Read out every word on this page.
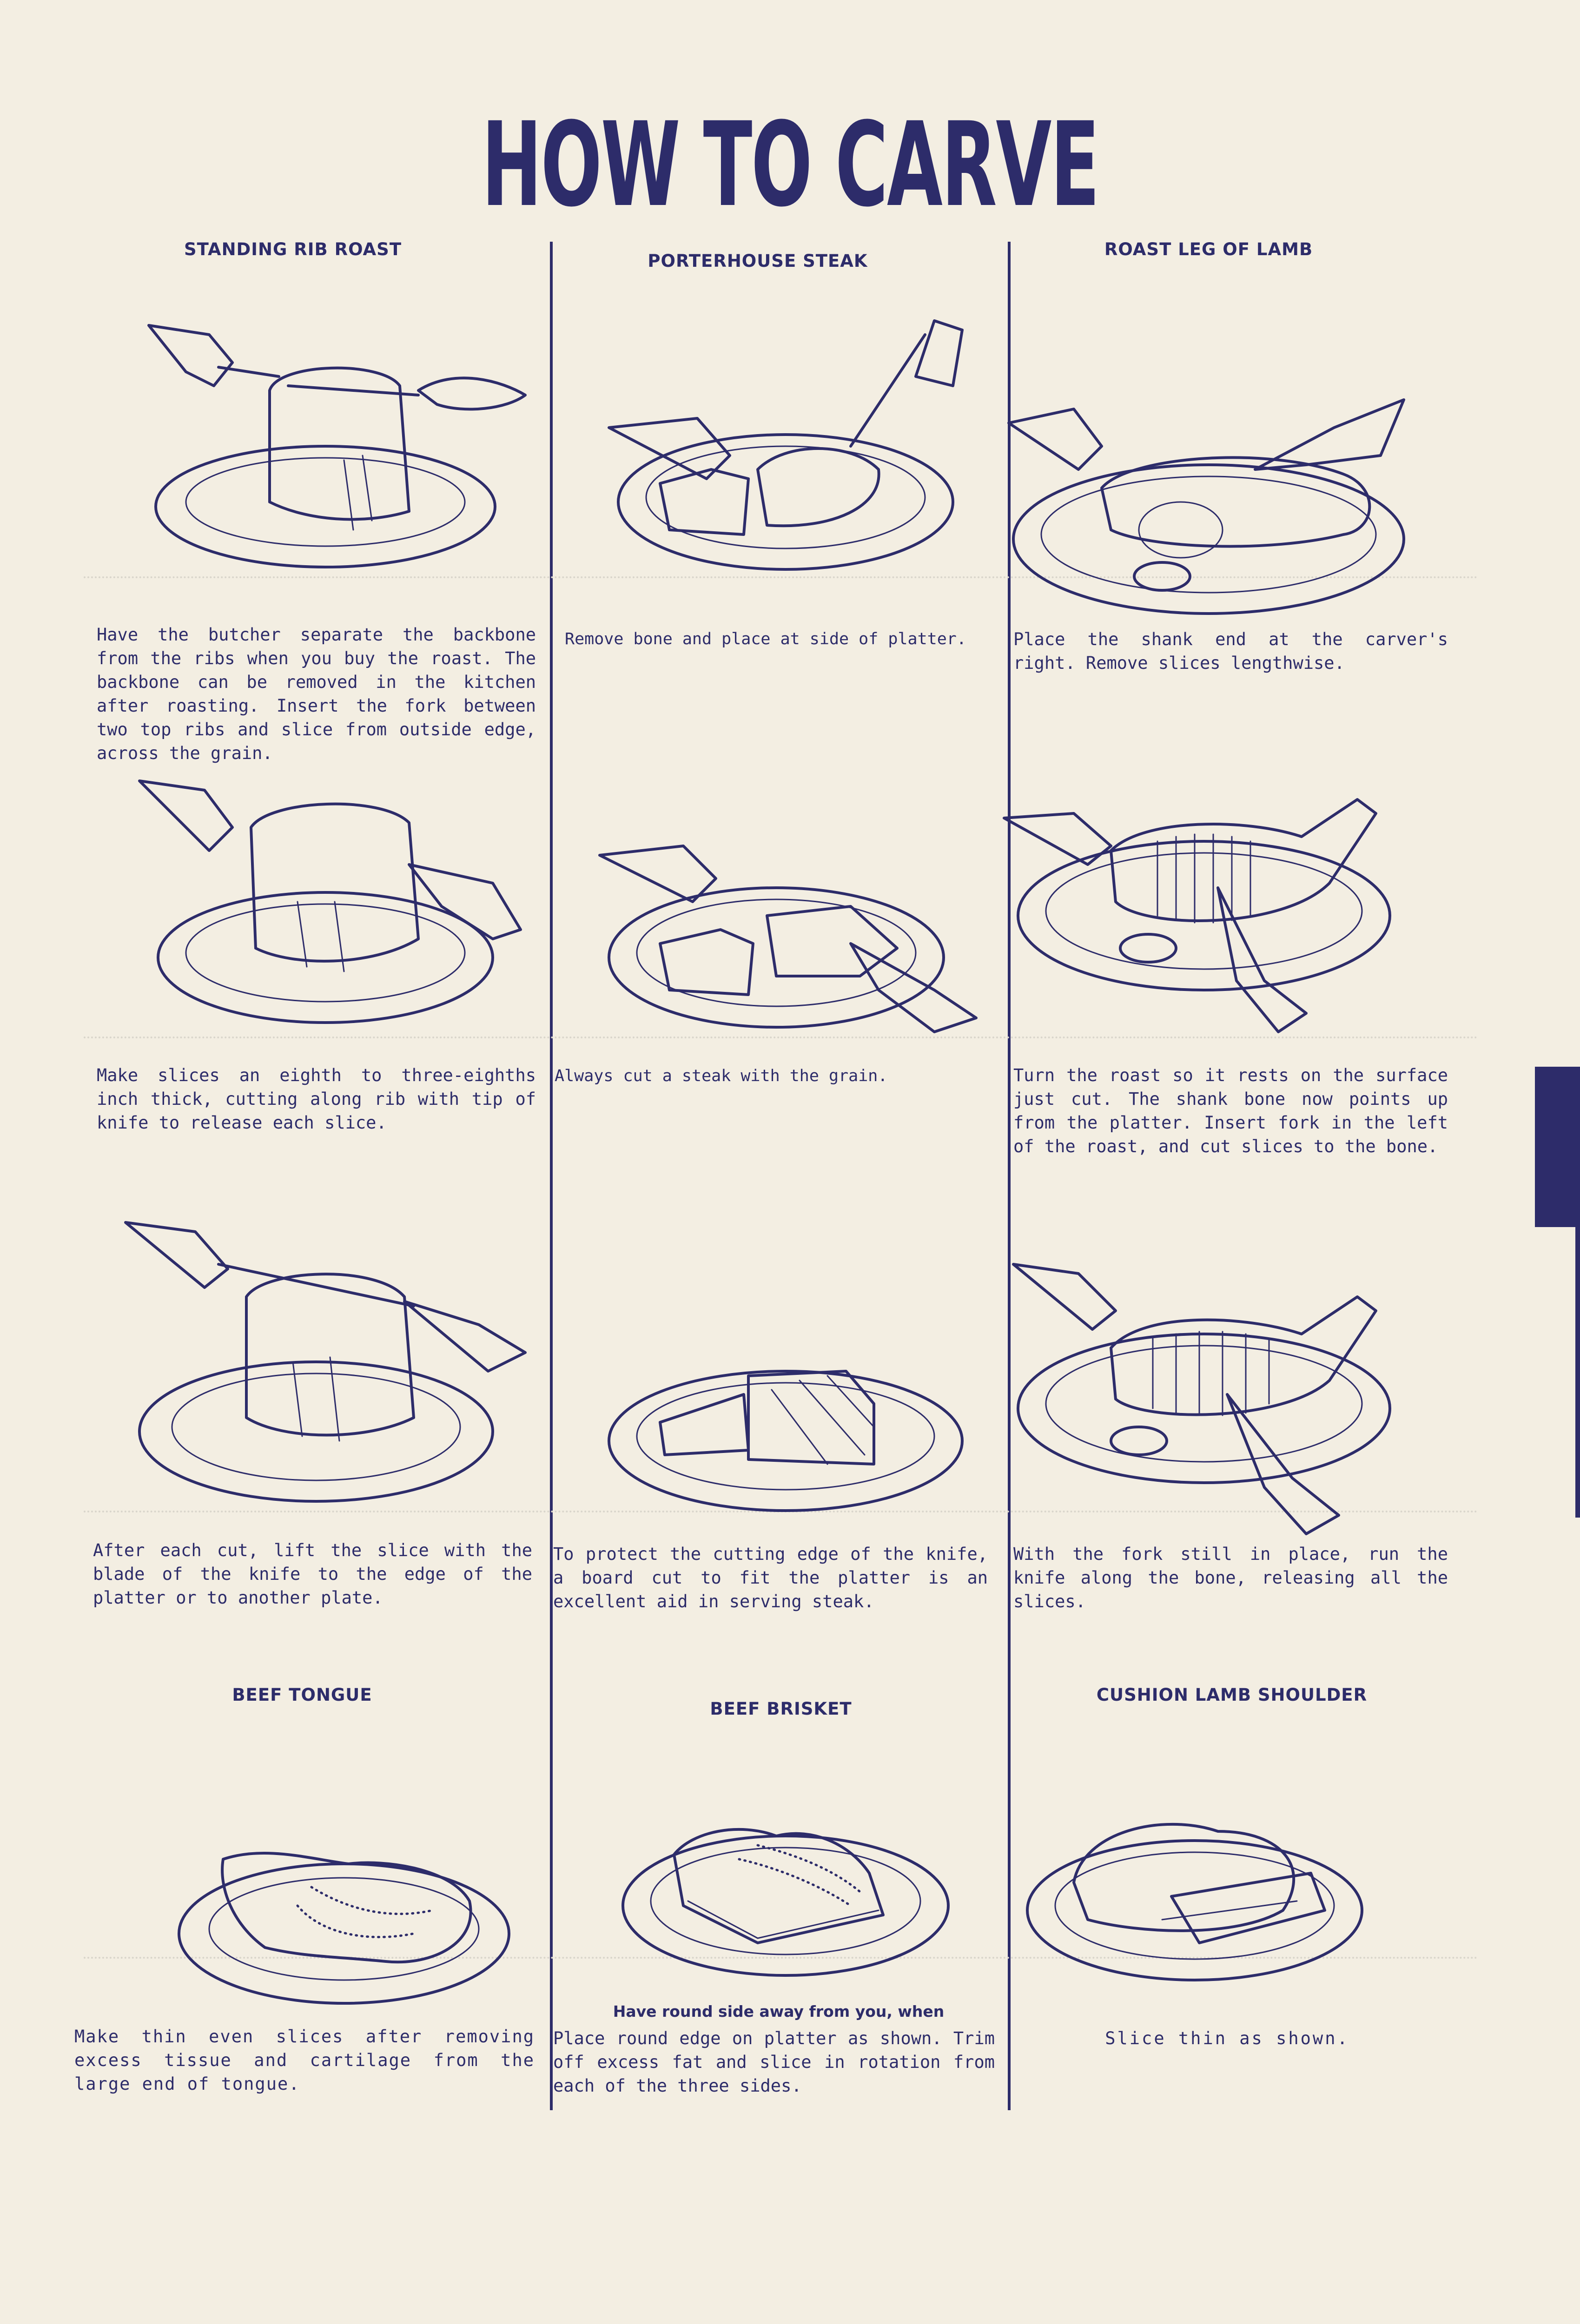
HOW TO CARVE
STANDING RIB ROAST
PORTERHOUSE STEAK
ROAST LEG OF LAMB
Have the butcher separate the backbone from the ribs when you buy the roast. The backbone can be removed in the kitchen after roasting. Insert the fork between two top ribs and slice from outside edge, across the grain.
Remove bone and place at side of platter.	Place the shank end at the carver's right. Remove slices lengthwise.
Make slices an eighth to three-eighths inch thick, cutting along rib with tip of knife to release each slice.
Always cut a steak with the grain.	Turn the roast so it rests on the surface just cut. The shank bone now points up from the platter. Insert fork in the left of the roast, and cut slices to the bone.
After each cut, lift the slice with the blade of the knife to the edge of the platter or to another plate.
To protect the cutting edge of the knife, a board cut to fit the platter is an excellent aid in serving steak.
With the fork still in place, run the knife along the bone, releasing all the slices.
BEEF TONGUE
BEEF BRISKET
CUSHION LAMB SHOULDER
Make thin even slices after removing excess tissue and cartilage from the large end of tongue.
Have round side away from you, when
Place round edge on platter as shown. Trim off excess fat and slice in rotation from each of the three sides.
Slice thin as shown.
